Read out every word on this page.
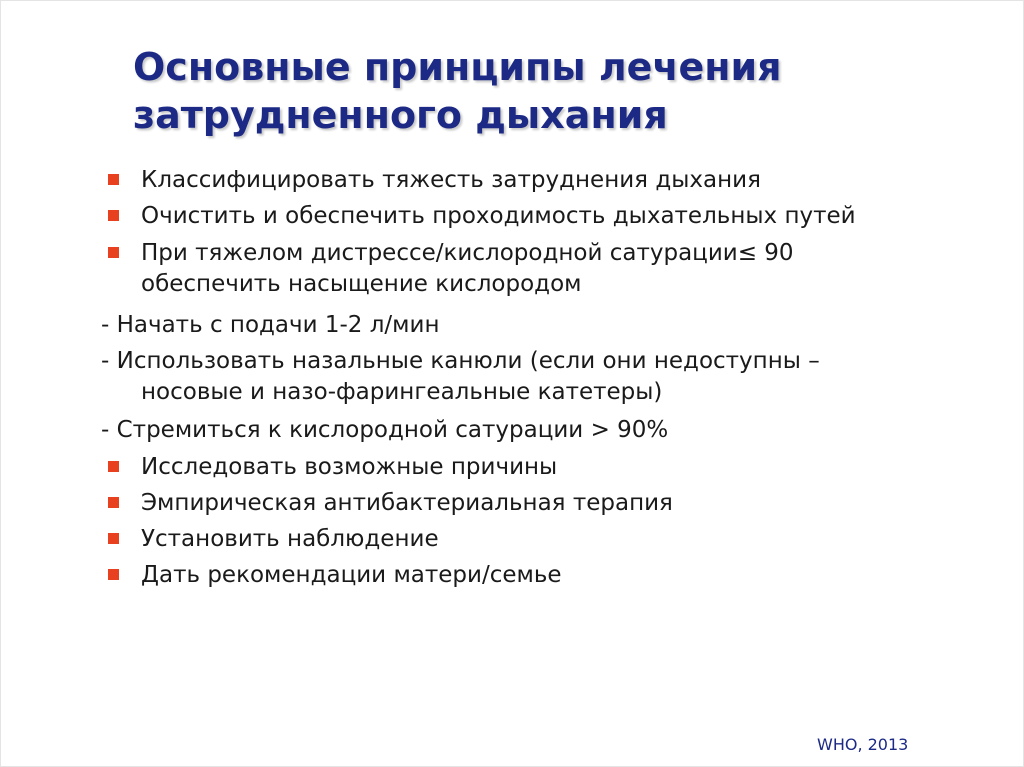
Основные принципы лечения
затрудненного дыхания
Классифицировать тяжесть затруднения дыхания
Очистить и обеспечить проходимость дыхательных путей
При тяжелом дистрессе/кислородной сатурации≤ 90
обеспечить насыщение кислородом
- Начать с подачи 1-2 л/мин
- Использовать назальные канюли (если они недоступны –
носовые и назо-фарингеальные катетеры)
- Стремиться к кислородной сатурации > 90%
Исследовать возможные причины
Эмпирическая антибактериальная терапия
Установить наблюдение
Дать рекомендации матери/семье
WHO, 2013
